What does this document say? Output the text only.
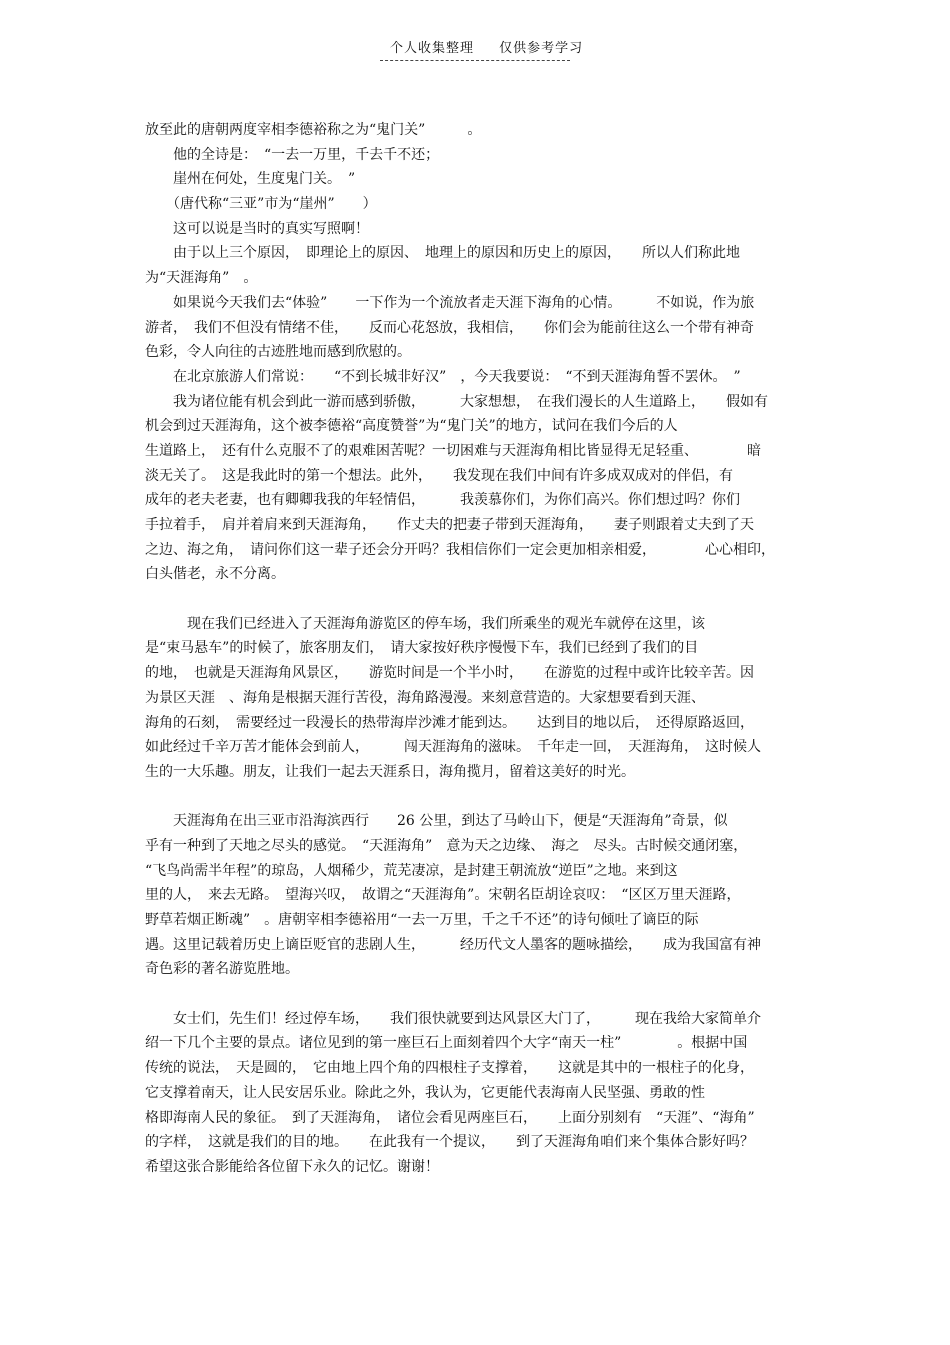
个人收集整理 仅供参考学习
放至此的唐朝两度宰相李德裕称之为“鬼门关”　　　。
　　他的全诗是：　“一去一万里，千去千不还；
　　崖州在何处，生度鬼门关。　”
　　（唐代称“三亚”市为“崖州”　　）
　　这可以说是当时的真实写照啊！
　　由于以上三个原因，　即理论上的原因、　地理上的原因和历史上的原因，　　所以人们称此地
为“天涯海角”　。
　　如果说今天我们去“体验”　　一下作为一个流放者走天涯下海角的心情。　　　不如说，作为旅
游者，　我们不但没有情绪不佳，　　反而心花怒放，我相信，　　你们会为能前往这么一个带有神奇
色彩，令人向往的古迹胜地而感到欣慰的。
　　在北京旅游人们常说：　　“不到长城非好汉”　，今天我要说：　“不到天涯海角誓不罢休。　”
　　我为诸位能有机会到此一游而感到骄傲，　　　大家想想，　在我们漫长的人生道路上，　　假如有
机会到过天涯海角，这个被李德裕“高度赞誉”为“鬼门关”的地方，试问在我们今后的人
生道路上，　还有什么克服不了的艰难困苦呢？一切困难与天涯海角相比皆显得无足轻重、　　　　暗
淡无关了。　这是我此时的第一个想法。此外，　　我发现在我们中间有许多成双成对的伴侣，有
成年的老夫老妻，也有卿卿我我的年轻情侣，　　　我羡慕你们，为你们高兴。你们想过吗？你们
手拉着手，　肩并着肩来到天涯海角，　　作丈夫的把妻子带到天涯海角，　　妻子则跟着丈夫到了天
之边、海之角，　请问你们这一辈子还会分开吗？我相信你们一定会更加相亲相爱，　　　　心心相印，
白头偕老，永不分离。
　　　现在我们已经进入了天涯海角游览区的停车场，我们所乘坐的观光车就停在这里，该
是“束马悬车”的时候了，旅客朋友们，　请大家按好秩序慢慢下车，我们已经到了我们的目
的地，　也就是天涯海角风景区，　　游览时间是一个半小时，　　在游览的过程中或许比较辛苦。因
为景区天涯　、海角是根据天涯行苦役，海角路漫漫。来刻意营造的。大家想要看到天涯、
海角的石刻，　需要经过一段漫长的热带海岸沙滩才能到达。　　达到目的地以后，　还得原路返回，
如此经过千辛万苦才能体会到前人，　　　闯天涯海角的滋味。　千年走一回，　天涯海角，　这时候人
生的一大乐趣。朋友，让我们一起去天涯系日，海角揽月，留着这美好的时光。
　　天涯海角在出三亚市沿海滨西行　　26 公里，到达了马岭山下，便是“天涯海角”奇景，似
乎有一种到了天地之尽头的感觉。　“天涯海角”　意为天之边缘、　海之　尽头。古时候交通闭塞，
“飞鸟尚需半年程”的琼岛，人烟稀少，荒芜凄凉，是封建王朝流放“逆臣”之地。来到这
里的人，　来去无路。　望海兴叹，　故谓之“天涯海角”。宋朝名臣胡诠哀叹：　“区区万里天涯路，
野草若烟正断魂”　。唐朝宰相李德裕用“一去一万里，千之千不还”的诗句倾吐了谪臣的际
遇。这里记载着历史上谪臣贬官的悲剧人生，　　　经历代文人墨客的题咏描绘，　　成为我国富有神
奇色彩的著名游览胜地。
　　女士们，先生们！经过停车场，　　我们很快就要到达风景区大门了，　　　现在我给大家简单介
绍一下几个主要的景点。诸位见到的第一座巨石上面刻着四个大字“南天一柱”　　　　。根据中国
传统的说法，　天是圆的，　它由地上四个角的四根柱子支撑着，　　这就是其中的一根柱子的化身，
它支撑着南天，让人民安居乐业。除此之外，我认为，它更能代表海南人民坚强、勇敢的性
格即海南人民的象征。　到了天涯海角，　诸位会看见两座巨石，　　上面分别刻有　“天涯”、“海角”
的字样，　这就是我们的目的地。　　在此我有一个提议，　　到了天涯海角咱们来个集体合影好吗？
希望这张合影能给各位留下永久的记忆。谢谢！
